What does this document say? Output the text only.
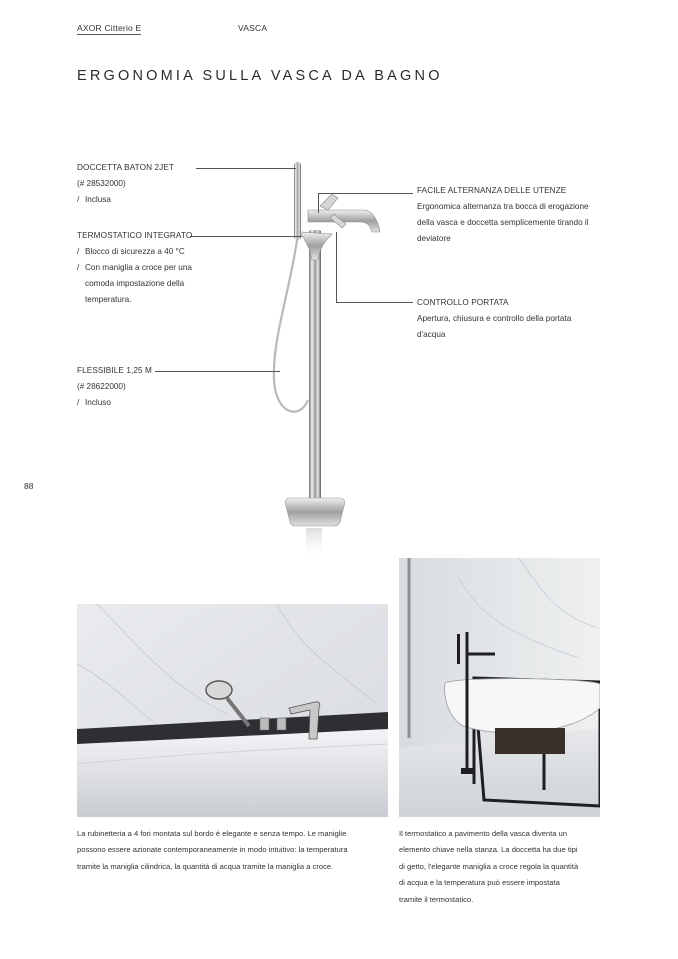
AXOR Citterio E	VASCA
ERGONOMIA SULLA VASCA DA BAGNO
88
DOCCETTA BATON 2JET
(# 28532000)
/ Inclusa
TERMOSTATICO INTEGRATO
/ Blocco di sicurezza a 40 °C
/ Con maniglia a croce per una
comoda impostazione della
temperatura.
FLESSIBILE 1,25 M
(# 28622000)
/ Incluso
FACILE ALTERNANZA DELLE UTENZE
Ergonomica alternanza tra bocca di erogazione
della vasca e doccetta semplicemente tirando il
deviatore
CONTROLLO PORTATA
Apertura, chiusura e controllo della portata
d'acqua
La rubinetteria a 4 fori montata sul bordo è elegante e senza tempo. Le maniglie
possono essere azionate contemporaneamente in modo intuitivo: la temperatura
tramite la maniglia cilindrica, la quantità di acqua tramite la maniglia a croce.
Il termostatico a pavimento della vasca diventa un
elemento chiave nella stanza. La doccetta ha due tipi
di getto, l'elegante maniglia a croce regola la quantità
di acqua e la temperatura può essere impostata
tramite il termostatico.
